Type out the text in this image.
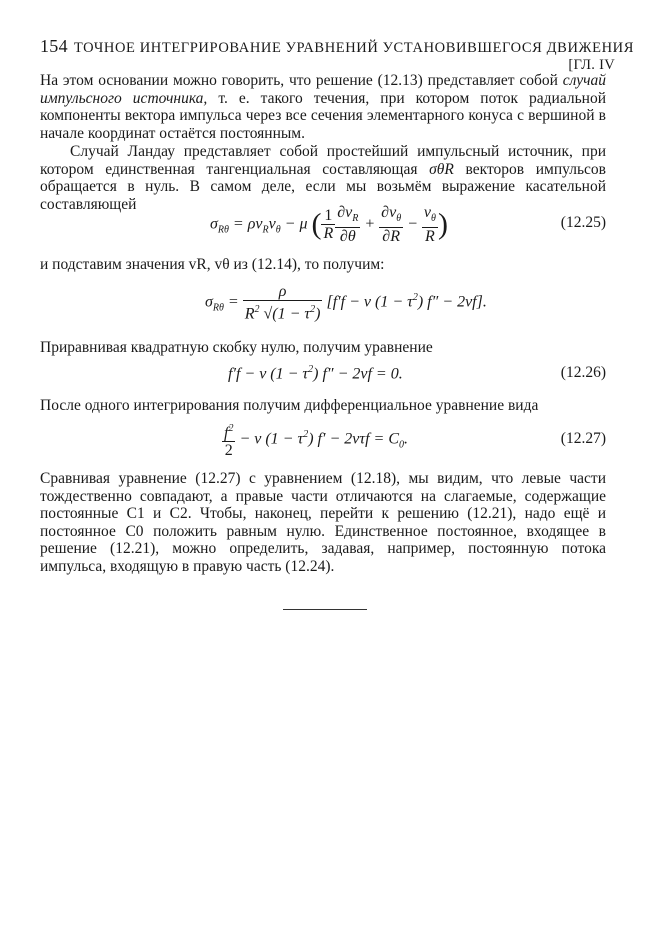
154 ТОЧНОЕ ИНТЕГРИРОВАНИЕ УРАВНЕНИЙ УСТАНОВИВШЕГОСЯ ДВИЖЕНИЯ
[ГЛ. IV
На этом основании можно говорить, что решение (12.13) представляет собой случай импульсного источника, т. е. такого течения, при котором поток радиальной компоненты вектора импульса через все сечения элементарного конуса с вершиной в начале координат остаётся постоянным.
Случай Ландау представляет собой простейший импульсный источник, при котором единственная тангенциальная составляющая σθR векторов импульсов обращается в нуль. В самом деле, если мы возьмём выражение касательной составляющей
$\sigma_{R\theta} = \rho v_Rv_\theta - \mu$ ( $\frac{1}{R} \frac{\partial v_R}{\partial\theta} + \frac{\partial v_\theta}{\partial R} - \frac{v_\theta}{R}$ )	(12.25)
и подставим значения vR, vθ из (12.14), то получим:
$\sigma_{R\theta} = \frac{\rho}{R^2 √(1 - \tau^2)} [f'f - \nu$ $(1 - \tau^2)$ f″ − 2νf].
Приравнивая квадратную скобку нулю, получим уравнение
f′f − ν $(1 - \tau^2)$ f″ − 2νf = 0.	(12.26)
После одного интегрирования получим дифференциальное уравнение вида
$\frac{f^2}{2} - \nu$ $(1 - \tau^2)$ $f' - 2\nu\tau f = C_0$.	(12.27)
Сравнивая уравнение (12.27) с уравнением (12.18), мы видим, что левые части тождественно совпадают, а правые части отличаются на слагаемые, содержащие постоянные C1 и C2. Чтобы, наконец, перейти к решению (12.21), надо ещё и постоянное C0 положить равным нулю. Единственное постоянное, входящее в решение (12.21), можно определить, задавая, например, постоянную потока импульса, входящую в правую часть (12.24).
